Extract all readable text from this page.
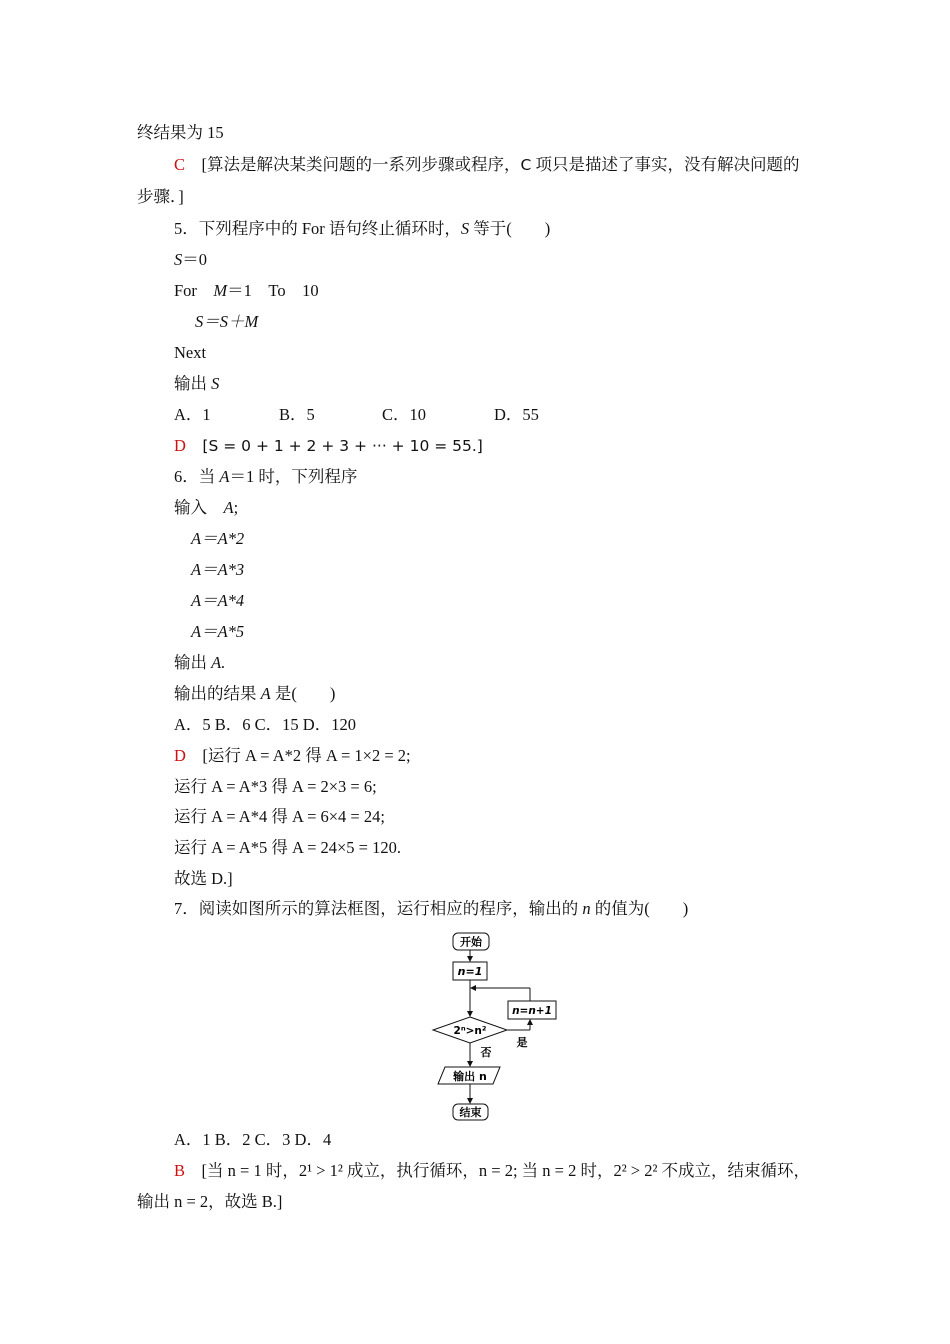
终结果为 15
C　 [算法是解决某类问题的一系列步骤或程序，C 项只是描述了事实，没有解决问题的
步骤．]
5．下列程序中的 For 语句终止循环时，S 等于(　　)
S＝0
For　M＝1　To　10
S＝S＋M
Next
输出 S
A．1	B．5	C．10	D．55
D　 [S = 0 + 1 + 2 + 3 + ··· + 10 = 55.]
6．当 A＝1 时，下列程序
输入　A;
A＝A*2
A＝A*3
A＝A*4
A＝A*5
输出 A.
输出的结果 A 是(　　)
A．5 B．6 C．15 D．120
D　 [运行 A = A*2 得 A = 1×2 = 2;
运行 A = A*3 得 A = 2×3 = 6;
运行 A = A*4 得 A = 6×4 = 24;
运行 A = A*5 得 A = 24×5 = 120.
故选 D.]
7．阅读如图所示的算法框图，运行相应的程序，输出的 n 的值为(　　)
开始
n=1
2ⁿ>n²
是
n=n+1
否
输出 n
结束
A．1 B．2 C．3 D．4
B　 [当 n = 1 时，2¹ > 1² 成立，执行循环，n = 2; 当 n = 2 时，2² > 2² 不成立，结束循环，
输出 n = 2，故选 B.]
